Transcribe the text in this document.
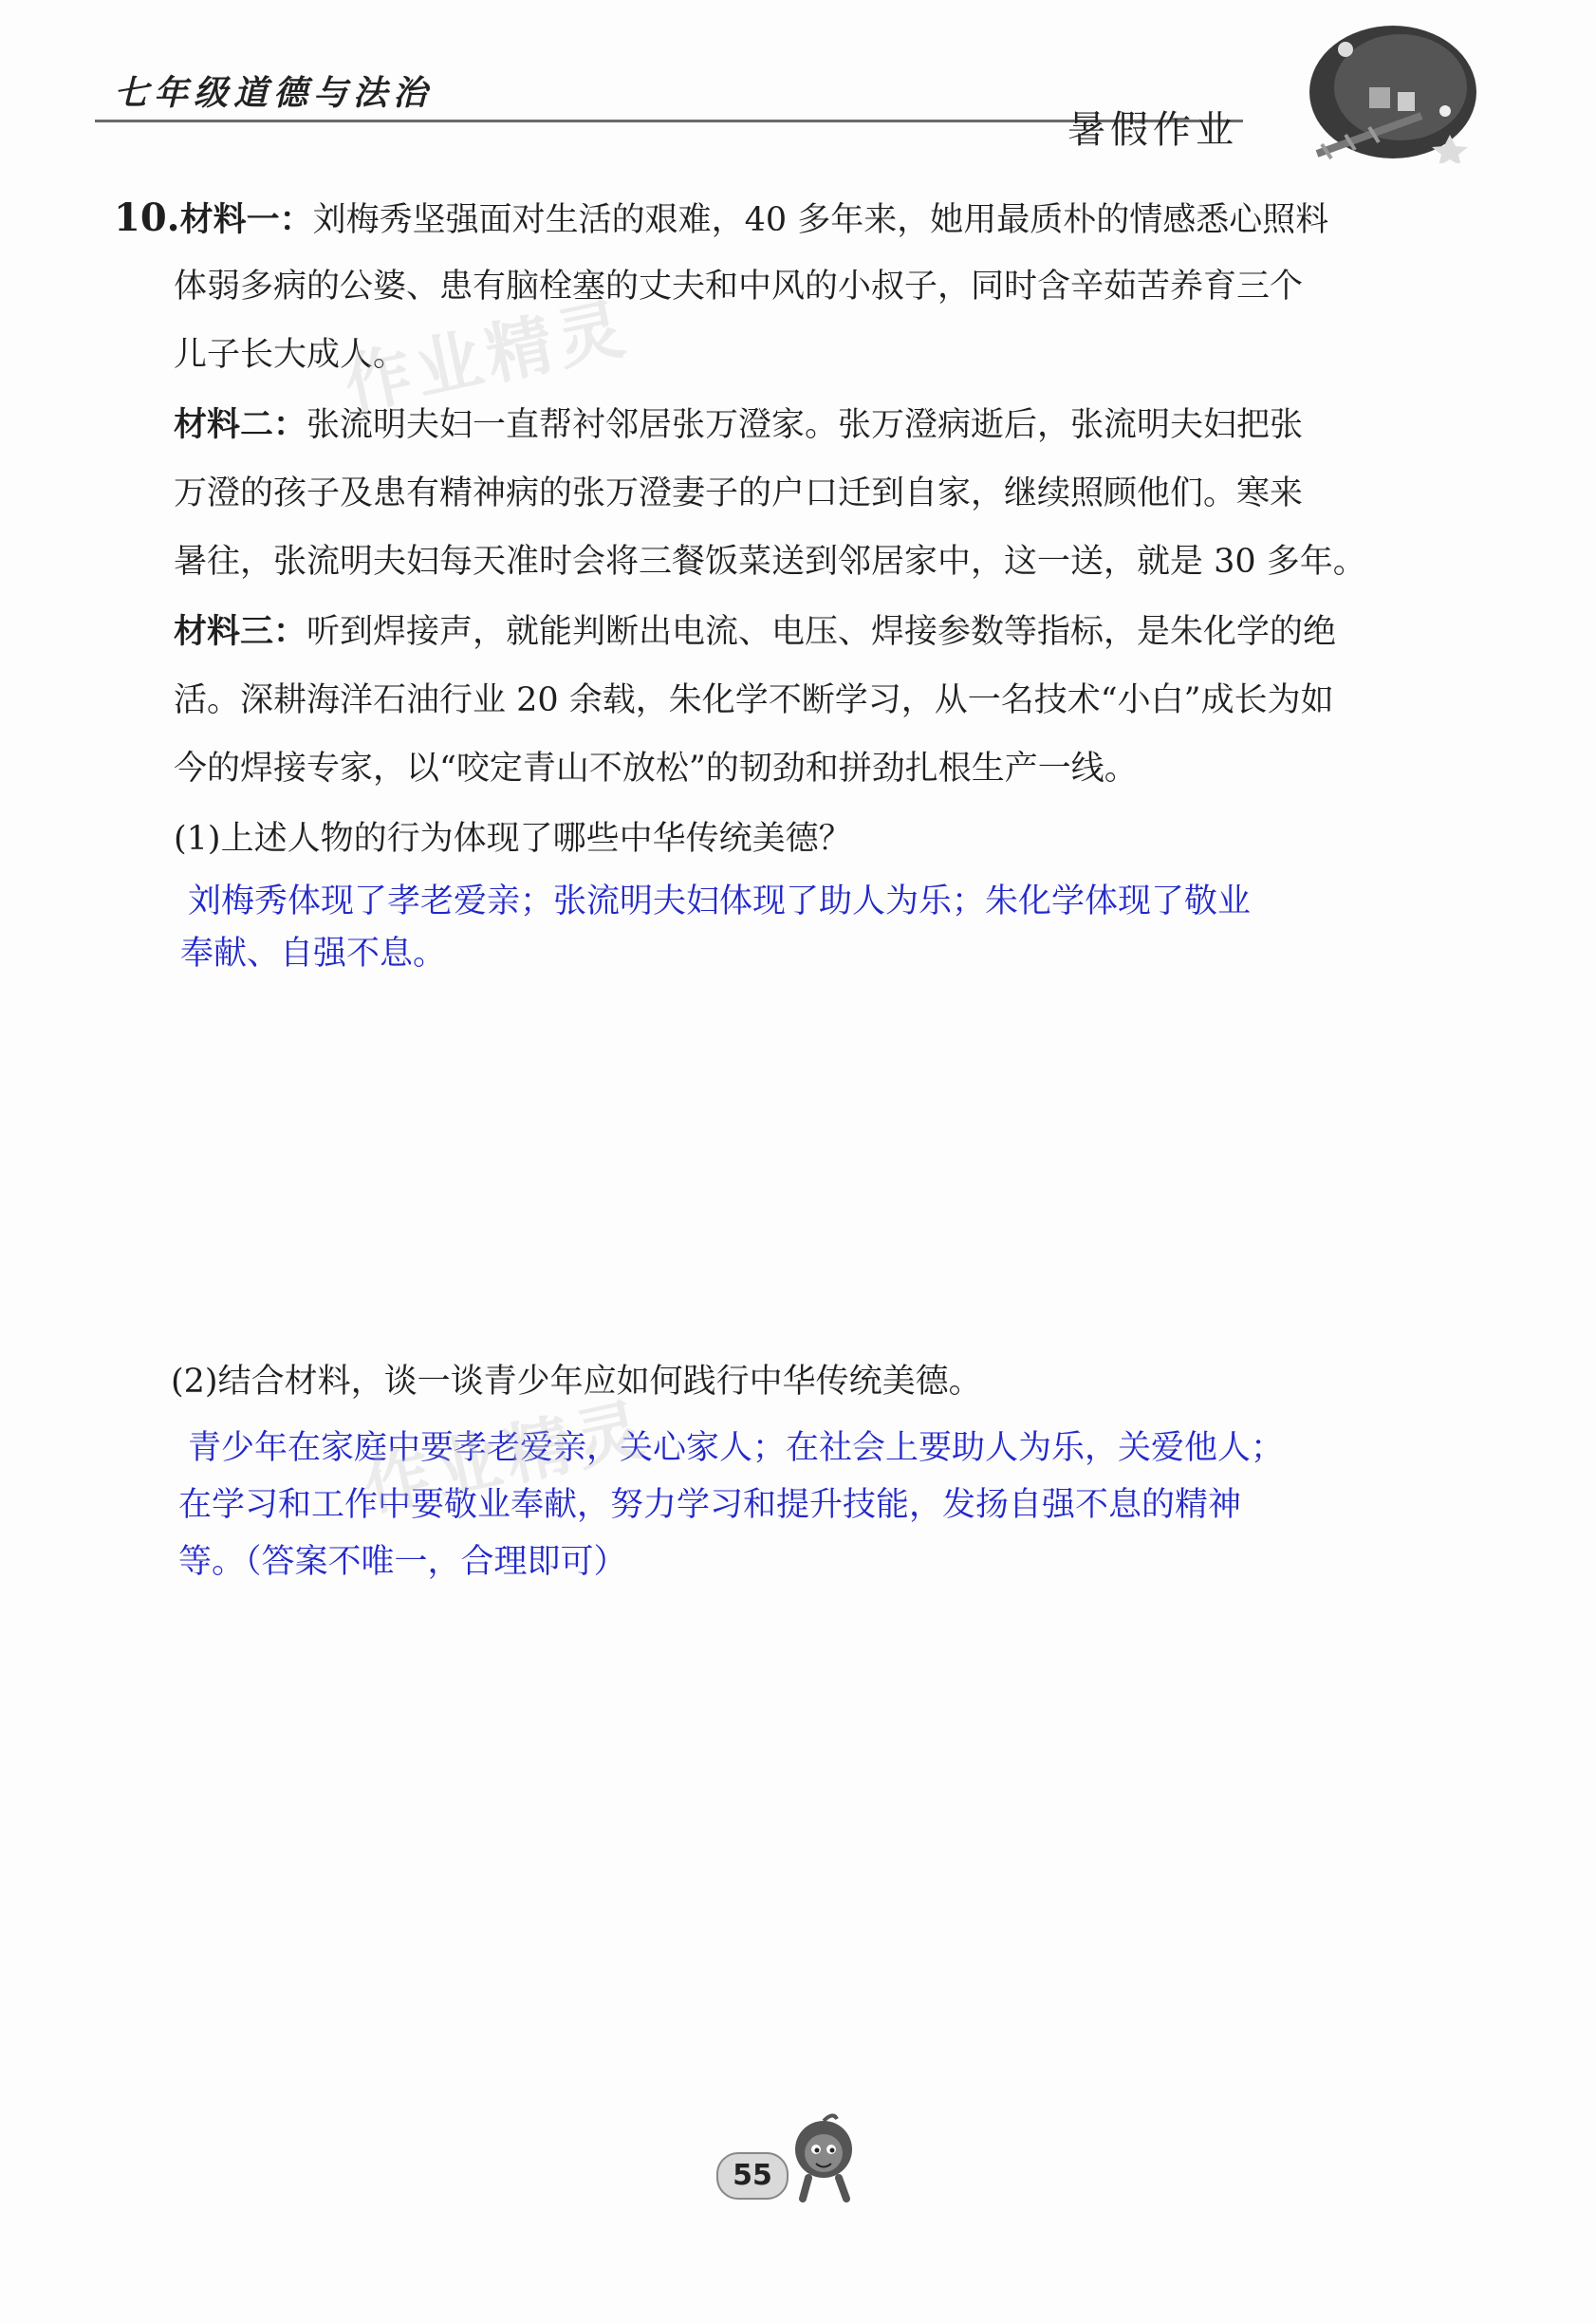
七年级道德与法治
暑假作业
10.材料一：刘梅秀坚强面对生活的艰难，40 多年来，她用最质朴的情感悉心照料
体弱多病的公婆、患有脑栓塞的丈夫和中风的小叔子，同时含辛茹苦养育三个
儿子长大成人。
材料二：张流明夫妇一直帮衬邻居张万澄家。张万澄病逝后，张流明夫妇把张
万澄的孩子及患有精神病的张万澄妻子的户口迁到自家，继续照顾他们。寒来
暑往，张流明夫妇每天准时会将三餐饭菜送到邻居家中，这一送，就是 30 多年。
材料三：听到焊接声，就能判断出电流、电压、焊接参数等指标，是朱化学的绝
活。深耕海洋石油行业 20 余载，朱化学不断学习，从一名技术“小白”成长为如
今的焊接专家，以“咬定青山不放松”的韧劲和拼劲扎根生产一线。
(1)上述人物的行为体现了哪些中华传统美德？
刘梅秀体现了孝老爱亲；张流明夫妇体现了助人为乐；朱化学体现了敬业
奉献、自强不息。
(2)结合材料，谈一谈青少年应如何践行中华传统美德。
青少年在家庭中要孝老爱亲，关心家人；在社会上要助人为乐，关爱他人；
在学习和工作中要敬业奉献，努力学习和提升技能，发扬自强不息的精神
等。（答案不唯一，合理即可）
作业精灵
作业精灵
55
